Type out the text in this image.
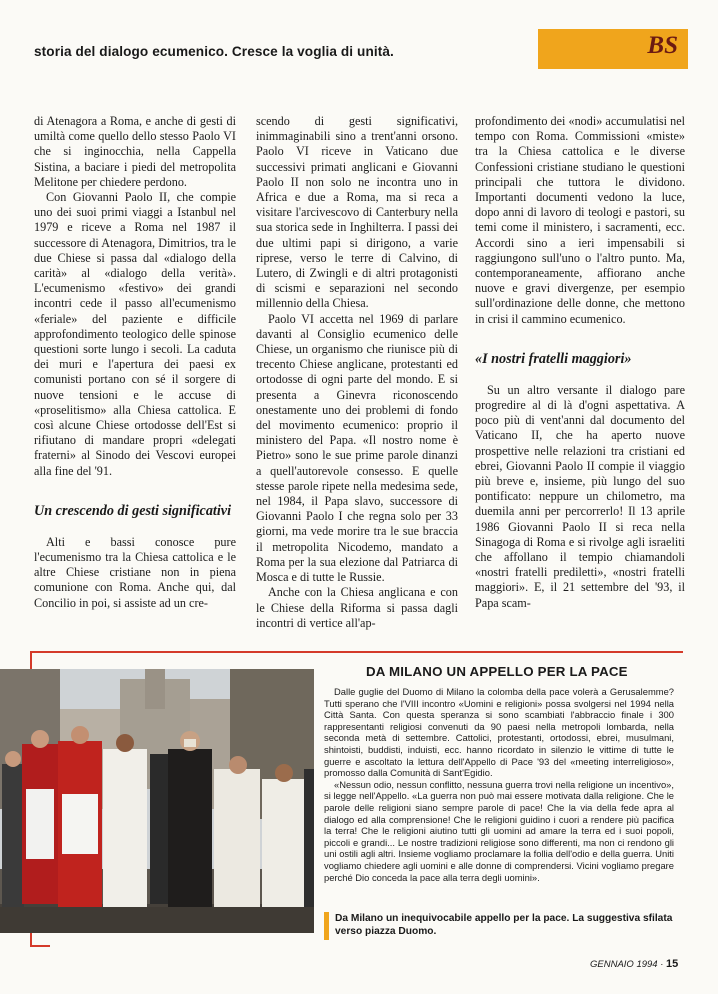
storia del dialogo ecumenico. Cresce la voglia di unità.	BS

di Atenagora a Roma, e anche di gesti di umiltà come quello dello stesso Paolo VI che si inginocchia, nella Cappella Sistina, a baciare i piedi del metropolita Melitone per chiedere perdono.

Con Giovanni Paolo II, che compie uno dei suoi primi viaggi a Istanbul nel 1979 e riceve a Roma nel 1987 il successore di Atenagora, Dimitrios, tra le due Chiese si passa dal «dialogo della carità» al «dialogo della verità». L'ecumenismo «festivo» dei grandi incontri cede il passo all'ecumenismo «feriale» del paziente e difficile approfondimento teologico delle spinose questioni sorte lungo i secoli. La caduta dei muri e l'apertura dei paesi ex comunisti portano con sé il sorgere di nuove tensioni e le accuse di «proselitismo» alla Chiesa cattolica. E così alcune Chiese ortodosse dell'Est si rifiutano di mandare propri «delegati fraterni» al Sinodo dei Vescovi europei alla fine del '91.

Un crescendo di gesti significativi

Alti e bassi conosce pure l'ecumenismo tra la Chiesa cattolica e le altre Chiese cristiane non in piena comunione con Roma. Anche qui, dal Concilio in poi, si assiste ad un cre-

scendo di gesti significativi, inimmaginabili sino a trent'anni orsono. Paolo VI riceve in Vaticano due successivi primati anglicani e Giovanni Paolo II non solo ne incontra uno in Africa e due a Roma, ma si reca a visitare l'arcivescovo di Canterbury nella sua storica sede in Inghilterra. I passi dei due ultimi papi si dirigono, a varie riprese, verso le terre di Calvino, di Lutero, di Zwingli e di altri protagonisti di scismi e separazioni nel secondo millennio della Chiesa.

Paolo VI accetta nel 1969 di parlare davanti al Consiglio ecumenico delle Chiese, un organismo che riunisce più di trecento Chiese anglicane, protestanti ed ortodosse di ogni parte del mondo. E si presenta a Ginevra riconoscendo onestamente uno dei problemi di fondo del movimento ecumenico: proprio il ministero del Papa. «Il nostro nome è Pietro» sono le sue prime parole dinanzi a quell'autorevole consesso. E quelle stesse parole ripete nella medesima sede, nel 1984, il Papa slavo, successore di Giovanni Paolo I che regna solo per 33 giorni, ma vede morire tra le sue braccia il metropolita Nicodemo, mandato a Roma per la sua elezione dal Patriarca di Mosca e di tutte le Russie.

Anche con la Chiesa anglicana e con le Chiese della Riforma si passa dagli incontri di vertice all'ap-

profondimento dei «nodi» accumulatisi nel tempo con Roma. Commissioni «miste» tra la Chiesa cattolica e le diverse Confessioni cristiane studiano le questioni principali che tuttora le dividono. Importanti documenti vedono la luce, dopo anni di lavoro di teologi e pastori, su temi come il ministero, i sacramenti, ecc. Accordi sino a ieri impensabili si raggiungono sull'uno o l'altro punto. Ma, contemporaneamente, affiorano anche nuove e gravi divergenze, per esempio sull'ordinazione delle donne, che mettono in crisi il cammino ecumenico.

«I nostri fratelli maggiori»

Su un altro versante il dialogo pare progredire al di là d'ogni aspettativa. A poco più di vent'anni dal documento del Vaticano II, che ha aperto nuove prospettive nelle relazioni tra cristiani ed ebrei, Giovanni Paolo II compie il viaggio più breve e, insieme, più lungo del suo pontificato: neppure un chilometro, ma duemila anni per percorrerlo! Il 13 aprile 1986 Giovanni Paolo II si reca nella Sinagoga di Roma e si rivolge agli israeliti che affollano il tempio chiamandoli «nostri fratelli prediletti», «nostri fratelli maggiori». E, il 21 settembre del '93, il Papa scam-

DA MILANO UN APPELLO PER LA PACE

Dalle guglie del Duomo di Milano la colomba della pace volerà a Gerusalemme? Tutti sperano che l'VIII incontro «Uomini e religioni» possa svolgersi nel 1994 nella Città Santa. Con questa speranza si sono scambiati l'abbraccio finale i 300 rappresentanti religiosi convenuti da 90 paesi nella metropoli lombarda, nella seconda metà di settembre. Cattolici, protestanti, ortodossi, ebrei, musulmani, shintoisti, buddisti, induisti, ecc. hanno ricordato in silenzio le vittime di tutte le guerre e ascoltato la lettura dell'Appello di Pace '93 del «meeting interreligioso», promosso dalla Comunità di Sant'Egidio.

«Nessun odio, nessun conflitto, nessuna guerra trovi nella religione un incentivo», si legge nell'Appello. «La guerra non può mai essere motivata dalla religione. Che le parole delle religioni siano sempre parole di pace! Che la via della fede apra al dialogo ed alla comprensione! Che le religioni guidino i cuori a rendere più pacifica la terra! Che le religioni aiutino tutti gli uomini ad amare la terra ed i suoi popoli, piccoli e grandi... Le nostre tradizioni religiose sono differenti, ma non ci rendono gli uni ostili agli altri. Insieme vogliamo proclamare la follia dell'odio e della guerra. Uniti vogliamo chiedere agli uomini e alle donne di comprendersi. Vicini vogliamo pregare perché Dio conceda la pace alla terra degli uomini».

Da Milano un inequivocabile appello per la pace. La suggestiva sfilata verso piazza Duomo.
GENNAIO 1994 · 15
